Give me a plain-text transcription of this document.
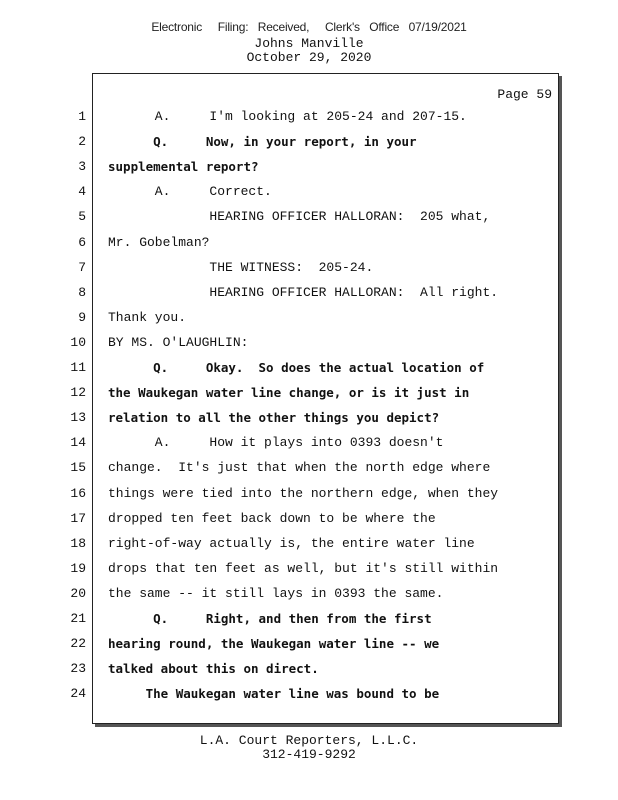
Electronic     Filing:   Received,     Clerk's   Office   07/19/2021
Johns Manville
October 29, 2020
Page 59
1 A.     I'm looking at 205-24 and 207-15.
2 Q.     Now, in your report, in your
3 supplemental report?
4 A.     Correct.
5 HEARING OFFICER HALLORAN:  205 what,
6 Mr. Gobelman?
7 THE WITNESS:  205-24.
8 HEARING OFFICER HALLORAN:  All right.
9 Thank you.
10 BY MS. O'LAUGHLIN:
11 Q.     Okay.  So does the actual location of
12 the Waukegan water line change, or is it just in
13 relation to all the other things you depict?
14 A.     How it plays into 0393 doesn't
15 change.  It's just that when the north edge where
16 things were tied into the northern edge, when they
17 dropped ten feet back down to be where the
18 right-of-way actually is, the entire water line
19 drops that ten feet as well, but it's still within
20 the same -- it still lays in 0393 the same.
21 Q.     Right, and then from the first
22 hearing round, the Waukegan water line -- we
23 talked about this on direct.
24 The Waukegan water line was bound to be
L.A. Court Reporters, L.L.C.
312-419-9292
